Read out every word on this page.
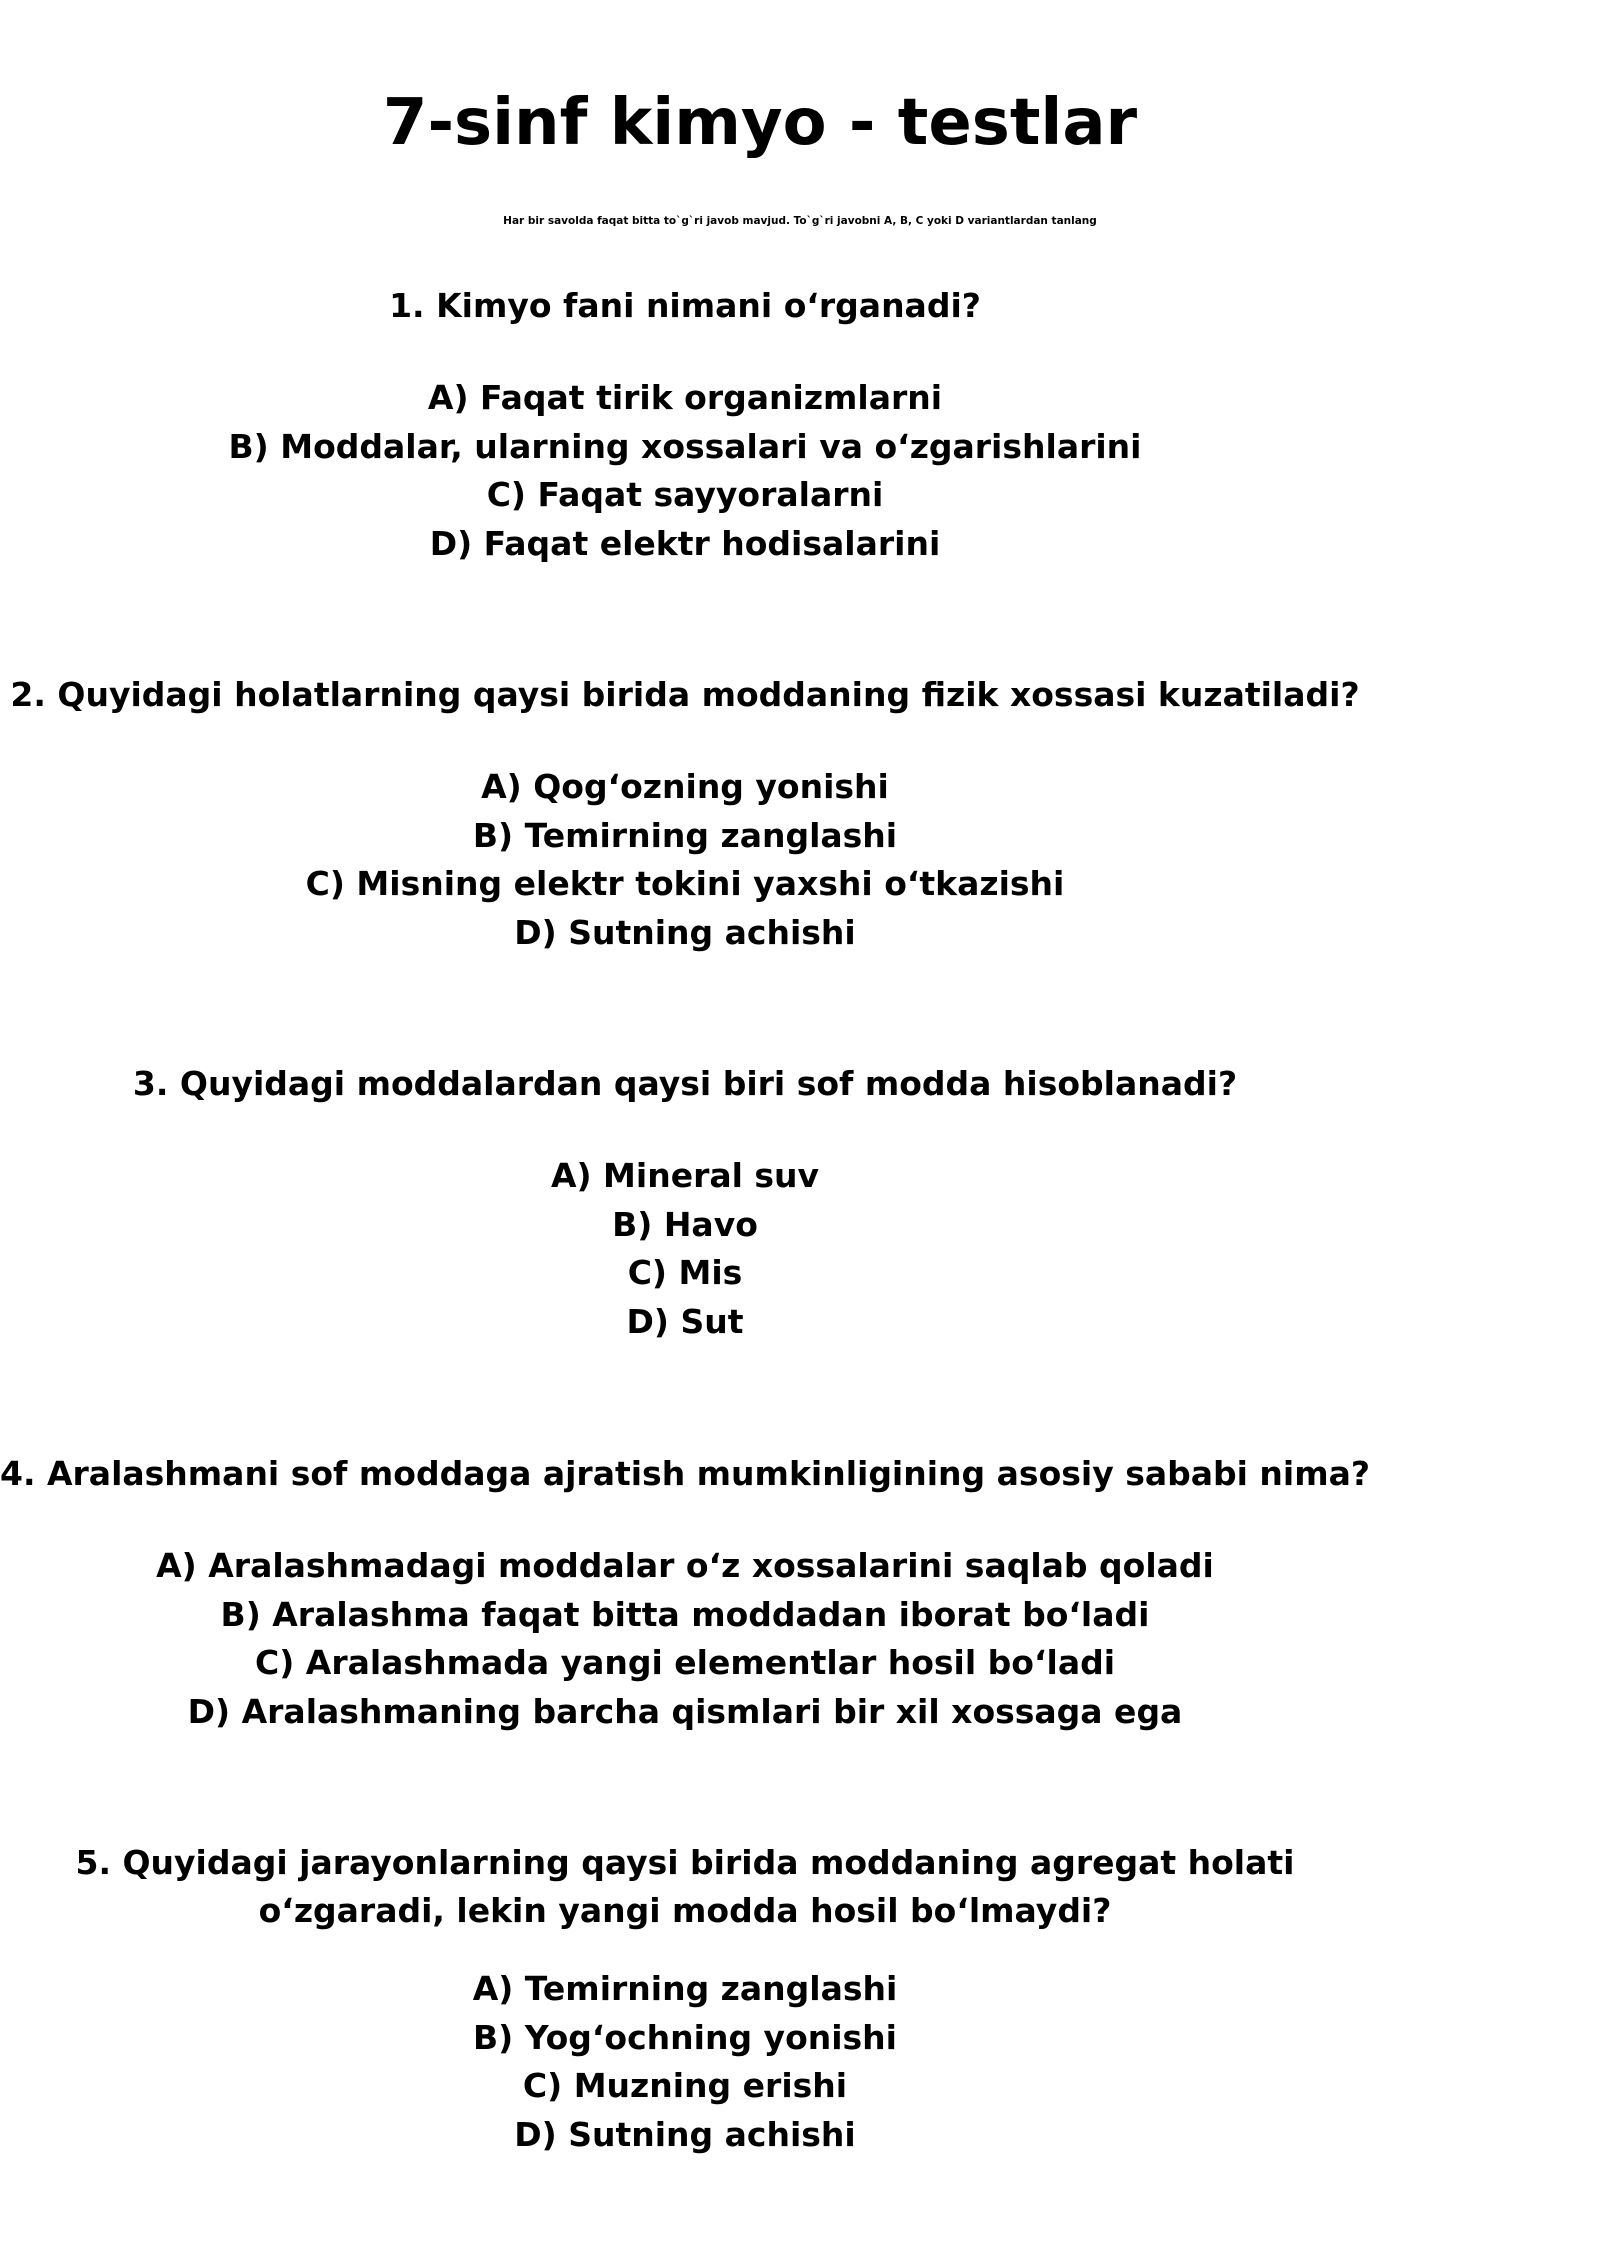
7-sinf kimyo - testlar
Har bir savolda faqat bitta to`g`ri javob mavjud. To`g`ri javobni A, B, C yoki D variantlardan tanlang
1. Kimyo fani nimani o‘rganadi?
A) Faqat tirik organizmlarni
B) Moddalar, ularning xossalari va o‘zgarishlarini
C) Faqat sayyoralarni
D) Faqat elektr hodisalarini
2. Quyidagi holatlarning qaysi birida moddaning fizik xossasi kuzatiladi?
A) Qog‘ozning yonishi
B) Temirning zanglashi
C) Misning elektr tokini yaxshi o‘tkazishi
D) Sutning achishi
3. Quyidagi moddalardan qaysi biri sof modda hisoblanadi?
A) Mineral suv
B) Havo
C) Mis
D) Sut
4. Aralashmani sof moddaga ajratish mumkinligining asosiy sababi nima?
A) Aralashmadagi moddalar o‘z xossalarini saqlab qoladi
B) Aralashma faqat bitta moddadan iborat bo‘ladi
C) Aralashmada yangi elementlar hosil bo‘ladi
D) Aralashmaning barcha qismlari bir xil xossaga ega
5. Quyidagi jarayonlarning qaysi birida moddaning agregat holati o‘zgaradi, lekin yangi modda hosil bo‘lmaydi?
A) Temirning zanglashi
B) Yog‘ochning yonishi
C) Muzning erishi
D) Sutning achishi
